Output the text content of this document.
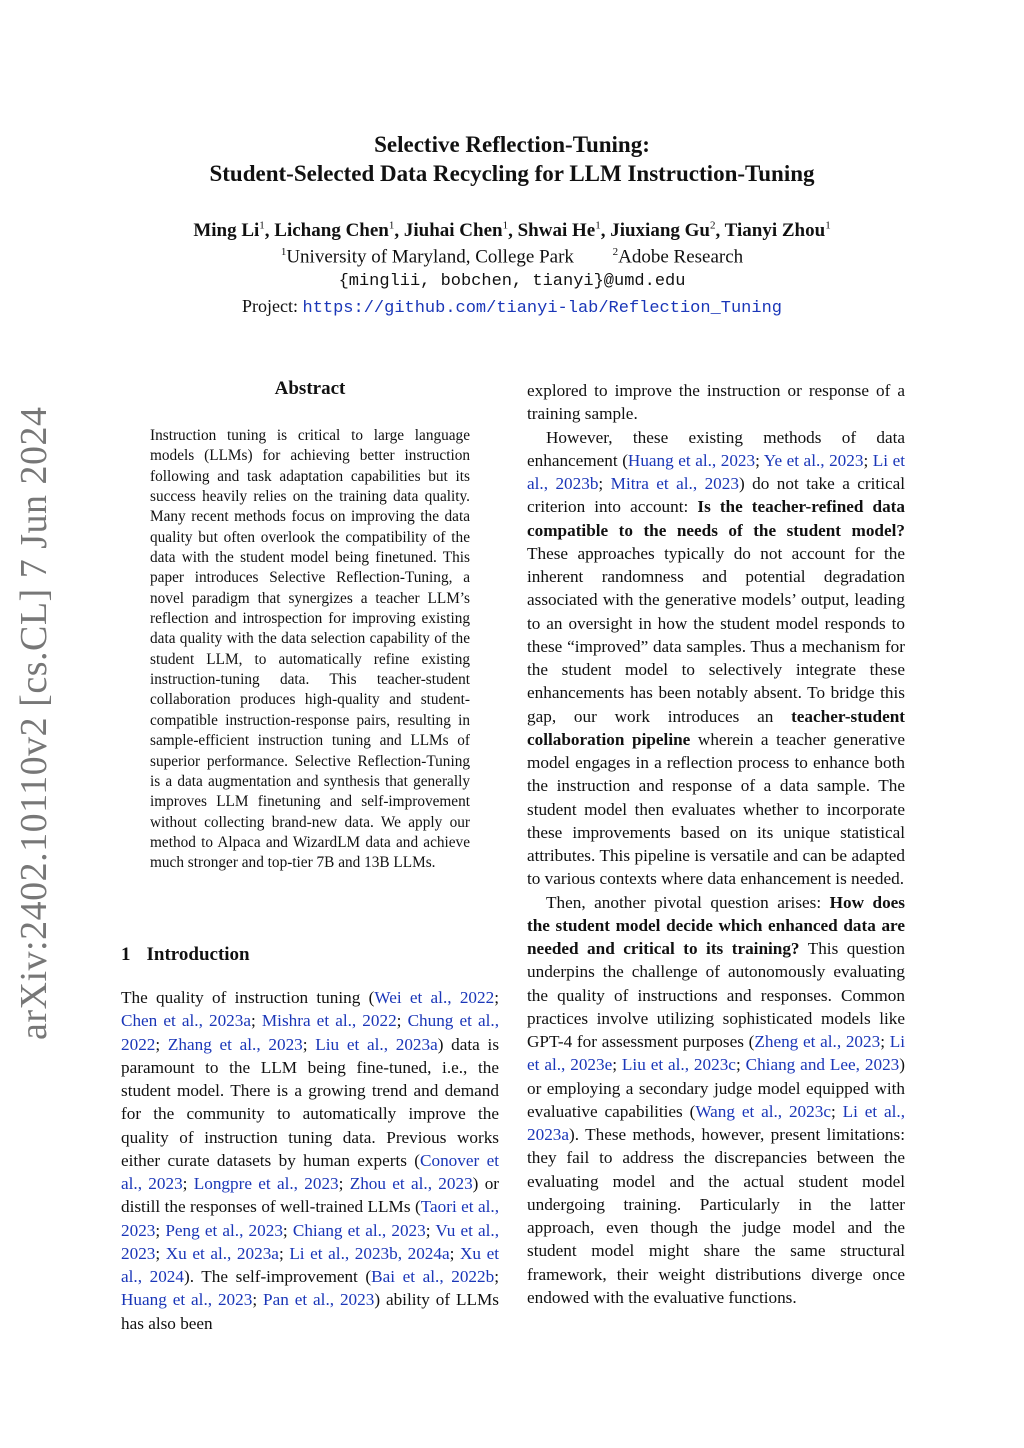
arXiv:2402.10110v2 [cs.CL] 7 Jun 2024
Selective Reflection-Tuning:
Student-Selected Data Recycling for LLM Instruction-Tuning
Ming Li$^1$, Lichang Chen$^1$, Jiuhai Chen$^1$, Shwai He$^1$, Jiuxiang Gu$^2$, Tianyi Zhou$^1$
$^1$University of Maryland, College Park	$^2$Adobe Research
{minglii, bobchen, tianyi}@umd.edu
Project: https://github.com/tianyi-lab/Reflection_Tuning
Abstract
Instruction tuning is critical to large language models (LLMs) for achieving better instruction following and task adaptation capabilities but its success heavily relies on the training data quality. Many recent methods focus on improving the data quality but often overlook the compatibility of the data with the student model being finetuned. This paper introduces Selective Reflection-Tuning, a novel paradigm that synergizes a teacher LLM’s reflection and introspection for improving existing data quality with the data selection capability of the student LLM, to automatically refine existing instruction-tuning data. This teacher-student collaboration produces high-quality and student-compatible instruction-response pairs, resulting in sample-efficient instruction tuning and LLMs of superior performance. Selective Reflection-Tuning is a data augmentation and synthesis that generally improves LLM finetuning and self-improvement without collecting brand-new data. We apply our method to Alpaca and WizardLM data and achieve much stronger and top-tier 7B and 13B LLMs.
1 Introduction

The quality of instruction tuning (Wei et al., 2022; Chen et al., 2023a; Mishra et al., 2022; Chung et al., 2022; Zhang et al., 2023; Liu et al., 2023a) data is paramount to the LLM being fine-tuned, i.e., the student model. There is a growing trend and demand for the community to automatically improve the quality of instruction tuning data. Previous works either curate datasets by human experts (Conover et al., 2023; Longpre et al., 2023; Zhou et al., 2023) or distill the responses of well-trained LLMs (Taori et al., 2023; Peng et al., 2023; Chiang et al., 2023; Vu et al., 2023; Xu et al., 2023a; Li et al., 2023b, 2024a; Xu et al., 2024). The self-improvement (Bai et al., 2022b; Huang et al., 2023; Pan et al., 2023) ability of LLMs has also been

explored to improve the instruction or response of a training sample.

However, these existing methods of data enhancement (Huang et al., 2023; Ye et al., 2023; Li et al., 2023b; Mitra et al., 2023) do not take a critical criterion into account: Is the teacher-refined data compatible to the needs of the student model? These approaches typically do not account for the inherent randomness and potential degradation associated with the generative models’ output, leading to an oversight in how the student model responds to these “improved” data samples. Thus a mechanism for the student model to selectively integrate these enhancements has been notably absent. To bridge this gap, our work introduces an teacher-student collaboration pipeline wherein a teacher generative model engages in a reflection process to enhance both the instruction and response of a data sample. The student model then evaluates whether to incorporate these improvements based on its unique statistical attributes. This pipeline is versatile and can be adapted to various contexts where data enhancement is needed.

Then, another pivotal question arises: How does the student model decide which enhanced data are needed and critical to its training? This question underpins the challenge of autonomously evaluating the quality of instructions and responses. Common practices involve utilizing sophisticated models like GPT-4 for assessment purposes (Zheng et al., 2023; Li et al., 2023e; Liu et al., 2023c; Chiang and Lee, 2023) or employing a secondary judge model equipped with evaluative capabilities (Wang et al., 2023c; Li et al., 2023a). These methods, however, present limitations: they fail to address the discrepancies between the evaluating model and the actual student model undergoing training. Particularly in the latter approach, even though the judge model and the student model might share the same structural framework, their weight distributions diverge once endowed with the evaluative functions.
